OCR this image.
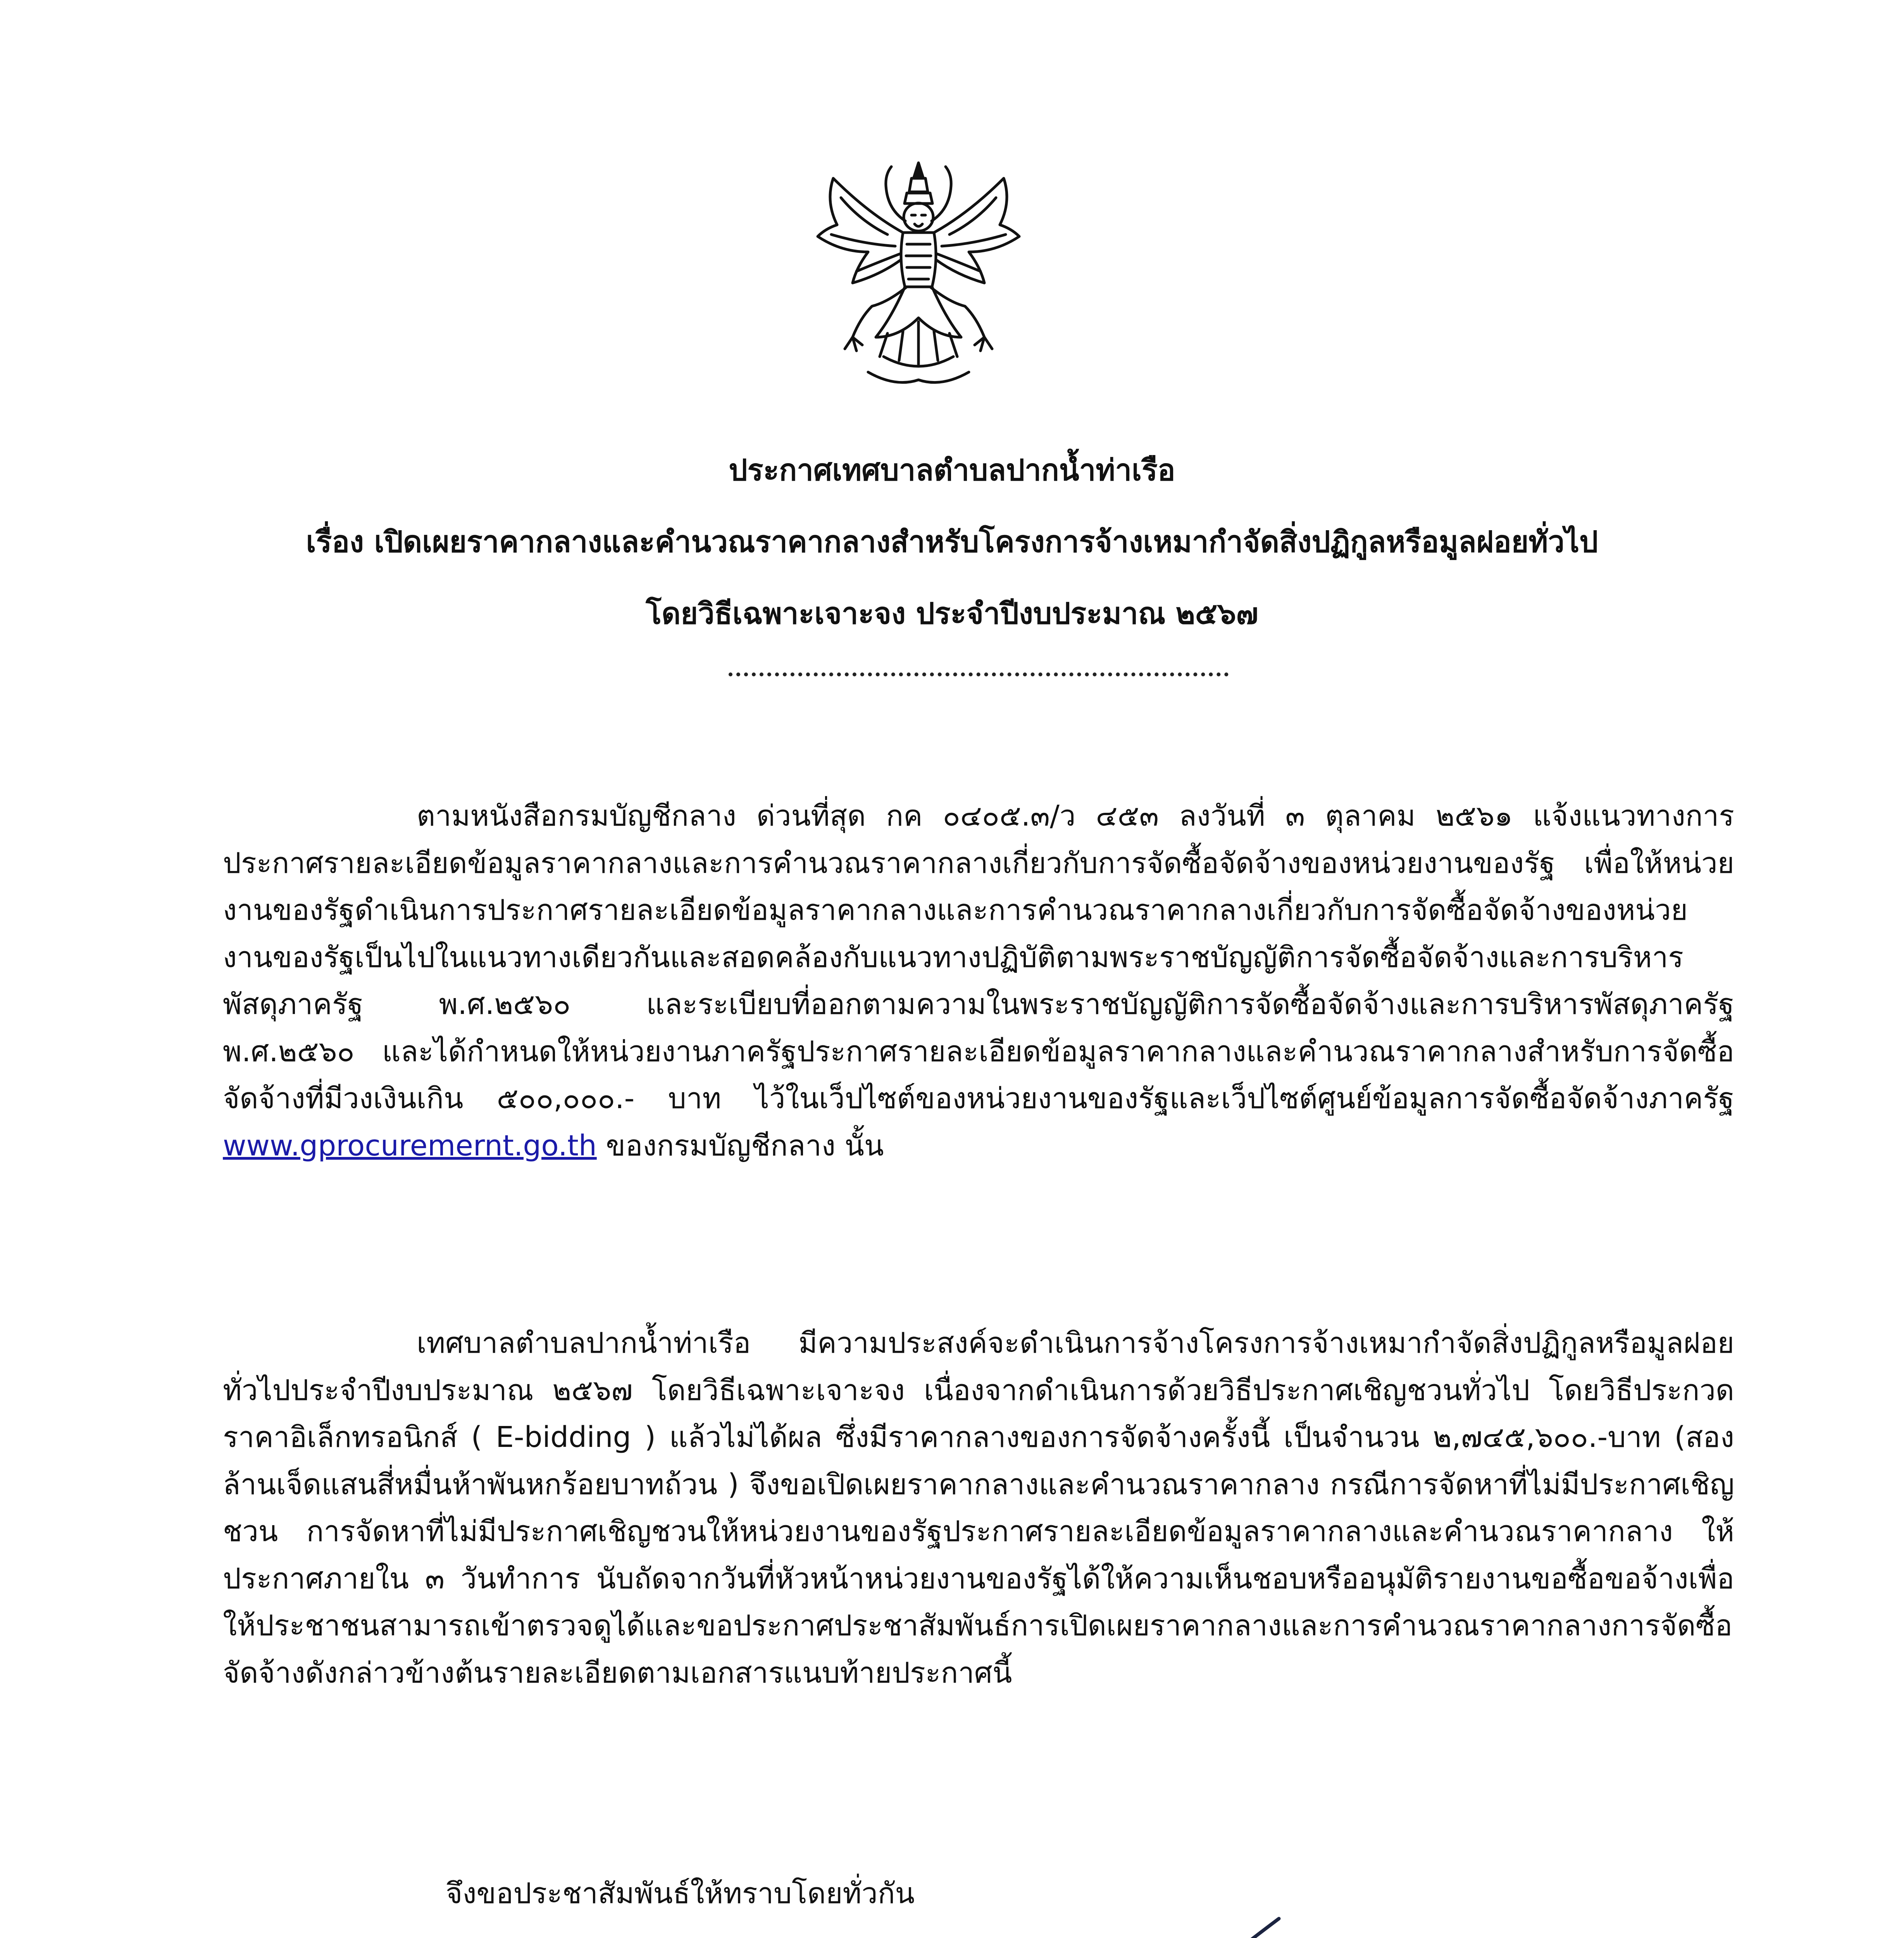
ประกาศเทศบาลตำบลปากน้ำท่าเรือ
เรื่อง เปิดเผยราคากลางและคำนวณราคากลางสำหรับโครงการจ้างเหมากำจัดสิ่งปฏิกูลหรือมูลฝอยทั่วไป
โดยวิธีเฉพาะเจาะจง ประจำปีงบประมาณ ๒๕๖๗
ตามหนังสือกรมบัญชีกลาง ด่วนที่สุด กค ๐๔๐๕.๓/ว ๔๕๓ ลงวันที่ ๓ ตุลาคม ๒๕๖๑ แจ้งแนวทางการประกาศรายละเอียดข้อมูลราคากลางและการคำนวณราคากลางเกี่ยวกับการจัดซื้อจัดจ้างของหน่วยงานของรัฐ เพื่อให้หน่วยงานของรัฐดำเนินการประกาศรายละเอียดข้อมูลราคากลางและการคำนวณราคากลางเกี่ยวกับการจัดซื้อจัดจ้างของหน่วยงานของรัฐเป็นไปในแนวทางเดียวกันและสอดคล้องกับแนวทางปฏิบัติตามพระราชบัญญัติการจัดซื้อจัดจ้างและการบริหารพัสดุภาครัฐ พ.ศ.๒๕๖๐ และระเบียบที่ออกตามความในพระราชบัญญัติการจัดซื้อจัดจ้างและการบริหารพัสดุภาครัฐ พ.ศ.๒๕๖๐ และได้กำหนดให้หน่วยงานภาครัฐประกาศรายละเอียดข้อมูลราคากลางและคำนวณราคากลางสำหรับการจัดซื้อจัดจ้างที่มีวงเงินเกิน ๕๐๐,๐๐๐.- บาท ไว้ในเว็ปไซต์ของหน่วยงานของรัฐและเว็ปไซต์ศูนย์ข้อมูลการจัดซื้อจัดจ้างภาครัฐ www.gprocuremernt.go.th ของกรมบัญชีกลาง นั้น
เทศบาลตำบลปากน้ำท่าเรือ มีความประสงค์จะดำเนินการจ้างโครงการจ้างเหมากำจัดสิ่งปฏิกูลหรือมูลฝอยทั่วไปประจำปีงบประมาณ ๒๕๖๗ โดยวิธีเฉพาะเจาะจง เนื่องจากดำเนินการด้วยวิธีประกาศเชิญชวนทั่วไป โดยวิธีประกวดราคาอิเล็กทรอนิกส์ ( E-bidding ) แล้วไม่ได้ผล ซึ่งมีราคากลางของการจัดจ้างครั้งนี้ เป็นจำนวน ๒,๗๔๕,๖๐๐.-บาท (สองล้านเจ็ดแสนสี่หมื่นห้าพันหกร้อยบาทถ้วน ) จึงขอเปิดเผยราคากลางและคำนวณราคากลาง กรณีการจัดหาที่ไม่มีประกาศเชิญชวน การจัดหาที่ไม่มีประกาศเชิญชวนให้หน่วยงานของรัฐประกาศรายละเอียดข้อมูลราคากลางและคำนวณราคากลาง ให้ประกาศภายใน ๓ วันทำการ นับถัดจากวันที่หัวหน้าหน่วยงานของรัฐได้ให้ความเห็นชอบหรืออนุมัติรายงานขอซื้อขอจ้างเพื่อให้ประชาชนสามารถเข้าตรวจดูได้และขอประกาศประชาสัมพันธ์การเปิดเผยราคากลางและการคำนวณราคากลางการจัดซื้อจัดจ้างดังกล่าวข้างต้นรายละเอียดตามเอกสารแนบท้ายประกาศนี้
จึงขอประชาสัมพันธ์ให้ทราบโดยทั่วกัน
